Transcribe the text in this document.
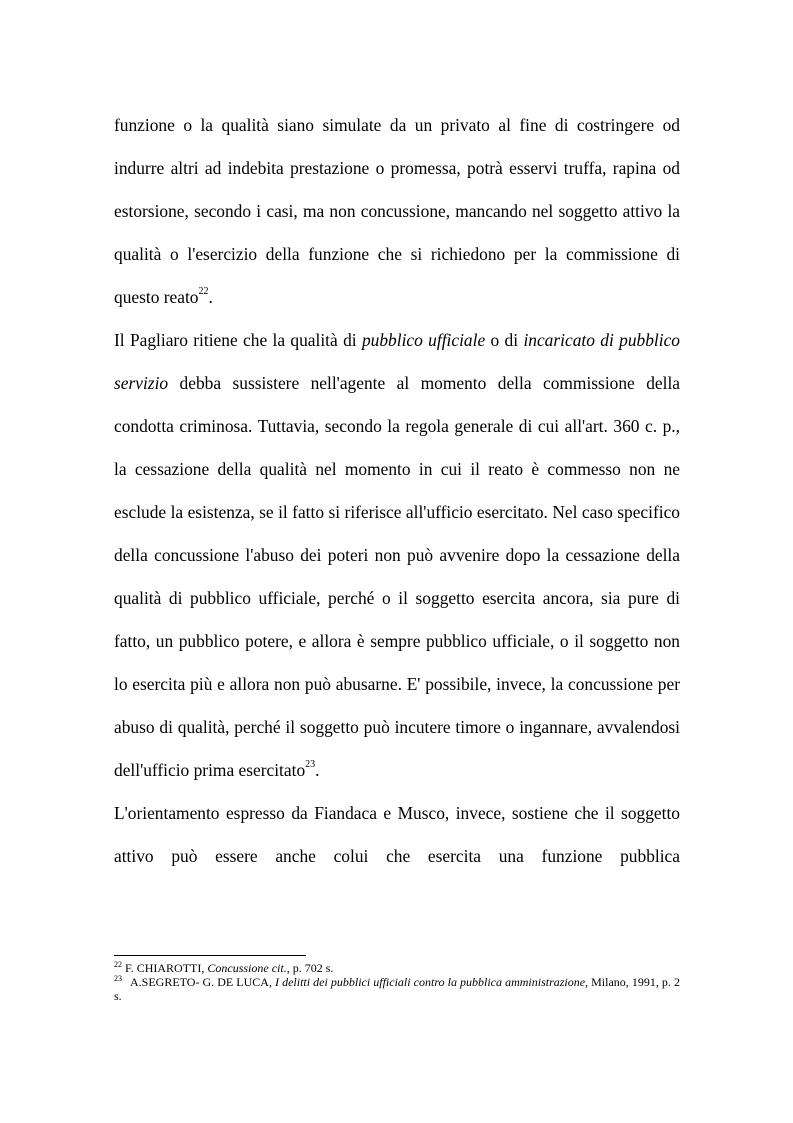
funzione o la qualità siano simulate da un privato al fine di costringere od indurre altri ad indebita prestazione o promessa, potrà esservi truffa, rapina od estorsione, secondo i casi, ma non concussione, mancando nel soggetto attivo la qualità o l'esercizio della funzione che si richiedono per la commissione di questo reato$^{22}$.

Il Pagliaro ritiene che la qualità di pubblico ufficiale o di incaricato di pubblico servizio debba sussistere nell'agente al momento della commissione della condotta criminosa. Tuttavia, secondo la regola generale di cui all'art. 360 c. p., la cessazione della qualità nel momento in cui il reato è commesso non ne esclude la esistenza, se il fatto si riferisce all'ufficio esercitato. Nel caso specifico della concussione l'abuso dei poteri non può avvenire dopo la cessazione della qualità di pubblico ufficiale, perché o il soggetto esercita ancora, sia pure di fatto, un pubblico potere, e allora è sempre pubblico ufficiale, o il soggetto non lo esercita più e allora non può abusarne. E' possibile, invece, la concussione per abuso di qualità, perché il soggetto può incutere timore o ingannare, avvalendosi dell'ufficio prima esercitato$^{23}$.

L'orientamento espresso da Fiandaca e Musco, invece, sostiene che il soggetto attivo può essere anche colui che esercita una funzione pubblica

$^{22}$ F. CHIAROTTI, Concussione cit., p. 702 s.

$^{23}$ A.SEGRETO- G. DE LUCA, I delitti dei pubblici ufficiali contro la pubblica amministrazione, Milano, 1991, p. 2 s.
